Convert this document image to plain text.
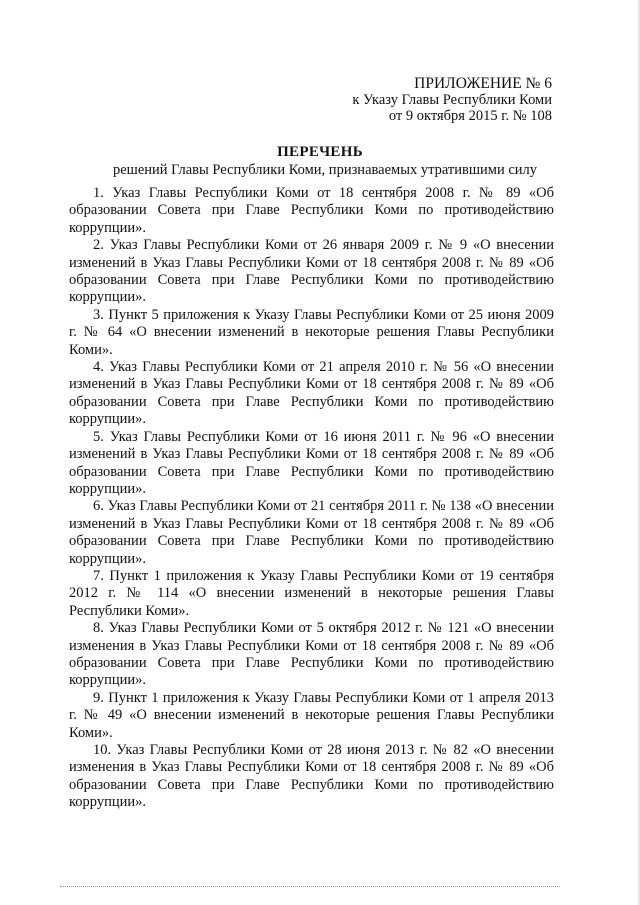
ПРИЛОЖЕНИЕ № 6
к Указу Главы Республики Коми
от 9 октября 2015 г. № 108
ПЕРЕЧЕНЬ
решений Главы Республики Коми, признаваемых утратившими силу

1. Указ Главы Республики Коми от 18 сентября 2008 г. № 89 «Об образовании Совета при Главе Республики Коми по противодействию коррупции».

2. Указ Главы Республики Коми от 26 января 2009 г. № 9 «О внесении изменений в Указ Главы Республики Коми от 18 сентября 2008 г. № 89 «Об образовании Совета при Главе Республики Коми по противодействию коррупции».

3. Пункт 5 приложения к Указу Главы Республики Коми от 25 июня 2009 г. № 64 «О внесении изменений в некоторые решения Главы Республики Коми».

4. Указ Главы Республики Коми от 21 апреля 2010 г. № 56 «О внесении изменений в Указ Главы Республики Коми от 18 сентября 2008 г. № 89 «Об образовании Совета при Главе Республики Коми по противодействию коррупции».

5. Указ Главы Республики Коми от 16 июня 2011 г. № 96 «О внесении изменений в Указ Главы Республики Коми от 18 сентября 2008 г. № 89 «Об образовании Совета при Главе Республики Коми по противодействию коррупции».

6. Указ Главы Республики Коми от 21 сентября 2011 г. № 138 «О внесении изменений в Указ Главы Республики Коми от 18 сентября 2008 г. № 89 «Об образовании Совета при Главе Республики Коми по противодействию коррупции».

7. Пункт 1 приложения к Указу Главы Республики Коми от 19 сентября 2012 г. № 114 «О внесении изменений в некоторые решения Главы Республики Коми».

8. Указ Главы Республики Коми от 5 октября 2012 г. № 121 «О внесении изменения в Указ Главы Республики Коми от 18 сентября 2008 г. № 89 «Об образовании Совета при Главе Республики Коми по противодействию коррупции».

9. Пункт 1 приложения к Указу Главы Республики Коми от 1 апреля 2013 г. № 49 «О внесении изменений в некоторые решения Главы Республики Коми».

10. Указ Главы Республики Коми от 28 июня 2013 г. № 82 «О внесении изменения в Указ Главы Республики Коми от 18 сентября 2008 г. № 89 «Об образовании Совета при Главе Республики Коми по противодействию коррупции».
